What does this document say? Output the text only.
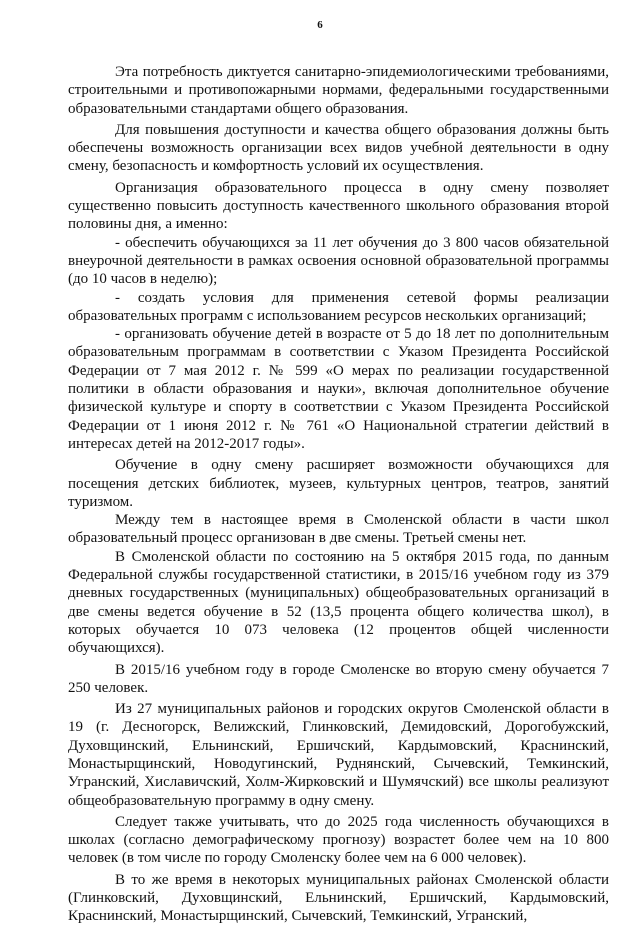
6

Эта потребность диктуется санитарно-эпидемиологическими требованиями, строительными и противопожарными нормами, федеральными государственными образовательными стандартами общего образования.

Для повышения доступности и качества общего образования должны быть обеспечены возможность организации всех видов учебной деятельности в одну смену, безопасность и комфортность условий их осуществления.

Организация образовательного процесса в одну смену позволяет существенно повысить доступность качественного школьного образования второй половины дня, а именно:

- обеспечить обучающихся за 11 лет обучения до 3 800 часов обязательной внеурочной деятельности в рамках освоения основной образовательной программы (до 10 часов в неделю);

- создать условия для применения сетевой формы реализации образовательных программ с использованием ресурсов нескольких организаций;

- организовать обучение детей в возрасте от 5 до 18 лет по дополнительным образовательным программам в соответствии с Указом Президента Российской Федерации от 7 мая 2012 г. № 599 «О мерах по реализации государственной политики в области образования и науки», включая дополнительное обучение физической культуре и спорту в соответствии с Указом Президента Российской Федерации от 1 июня 2012 г. № 761 «О Национальной стратегии действий в интересах детей на 2012-2017 годы».

Обучение в одну смену расширяет возможности обучающихся для посещения детских библиотек, музеев, культурных центров, театров, занятий туризмом.

Между тем в настоящее время в Смоленской области в части школ образовательный процесс организован в две смены. Третьей смены нет.

В Смоленской области по состоянию на 5 октября 2015 года, по данным Федеральной службы государственной статистики, в 2015/16 учебном году из 379 дневных государственных (муниципальных) общеобразовательных организаций в две смены ведется обучение в 52 (13,5 процента общего количества школ), в которых обучается 10 073 человека (12 процентов общей численности обучающихся).

В 2015/16 учебном году в городе Смоленске во вторую смену обучается 7 250 человек.

Из 27 муниципальных районов и городских округов Смоленской области в 19 (г. Десногорск, Велижский, Глинковский, Демидовский, Дорогобужский, Духовщинский, Ельнинский, Ершичский, Кардымовский, Краснинский, Монастырщинский, Новодугинский, Руднянский, Сычевский, Темкинский, Угранский, Хиславичский, Холм-Жирковский и Шумячский) все школы реализуют общеобразовательную программу в одну смену.

Следует также учитывать, что до 2025 года численность обучающихся в школах (согласно демографическому прогнозу) возрастет более чем на 10 800 человек (в том числе по городу Смоленску более чем на 6 000 человек).

В то же время в некоторых муниципальных районах Смоленской области (Глинковский, Духовщинский, Ельнинский, Ершичский, Кардымовский, Краснинский, Монастырщинский, Сычевский, Темкинский, Угранский,
